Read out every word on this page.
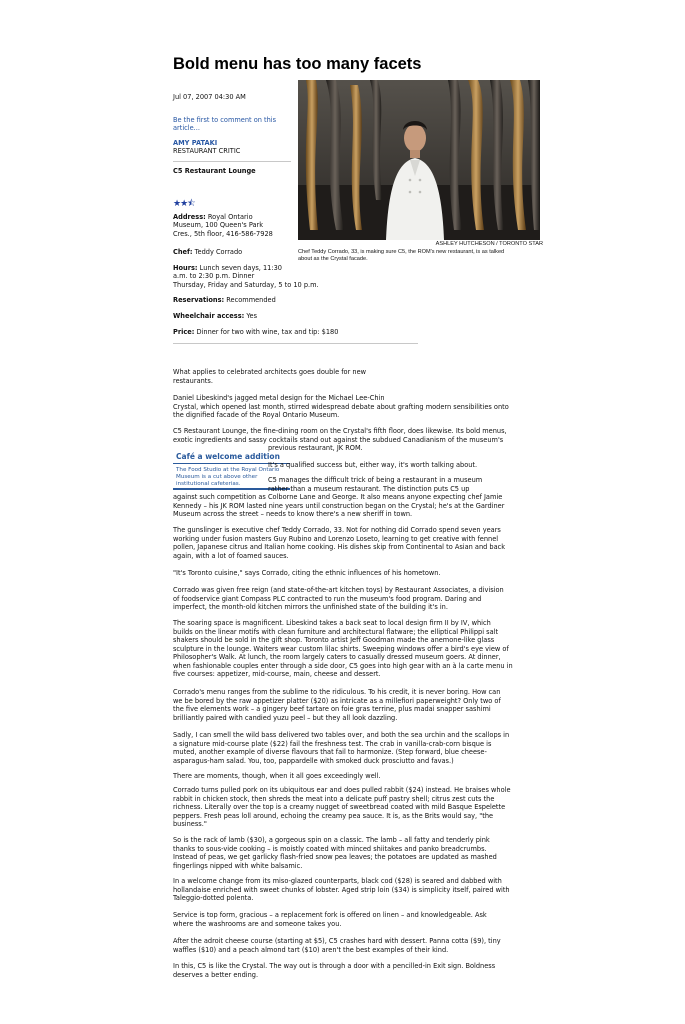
Bold menu has too many facets
Jul 07, 2007 04:30 AM
Be the first to comment on this article...
AMY PATAKI
RESTAURANT CRITIC
C5 Restaurant Lounge
★★⯪
Address: Royal Ontario
Museum, 100 Queen's Park
Cres., 5th floor, 416-586-7928
Chef: Teddy Corrado
Hours: Lunch seven days, 11:30
a.m. to 2:30 p.m. Dinner
Thursday, Friday and Saturday, 5 to 10 p.m.
Reservations: Recommended
Wheelchair access: Yes
Price: Dinner for two with wine, tax and tip: $180
ASHLEY HUTCHESON / TORONTO STAR
Chef Teddy Corrado, 33, is making sure C5, the ROM's new restaurant, is as talked
about as the Crystal facade.
Café a welcome addition
The Food Studio at the Royal Ontario
Museum is a cut above other
institutional cafeterias.
What applies to celebrated architects goes double for new
restaurants.
Daniel Libeskind's jagged metal design for the Michael Lee-Chin
Crystal, which opened last month, stirred widespread debate about grafting modern sensibilities onto
the dignified facade of the Royal Ontario Museum.
C5 Restaurant Lounge, the fine-dining room on the Crystal's fifth floor, does likewise. Its bold menus,
exotic ingredients and sassy cocktails stand out against the subdued Canadianism of the museum's
previous restaurant, JK ROM.
It's a qualified success but, either way, it's worth talking about.
C5 manages the difficult trick of being a restaurant in a museum
rather than a museum restaurant. The distinction puts C5 up
against such competition as Colborne Lane and George. It also means anyone expecting chef Jamie
Kennedy – his JK ROM lasted nine years until construction began on the Crystal; he's at the Gardiner
Museum across the street – needs to know there's a new sheriff in town.
The gunslinger is executive chef Teddy Corrado, 33. Not for nothing did Corrado spend seven years
working under fusion masters Guy Rubino and Lorenzo Loseto, learning to get creative with fennel
pollen, Japanese citrus and Italian home cooking. His dishes skip from Continental to Asian and back
again, with a lot of foamed sauces.
"It's Toronto cuisine," says Corrado, citing the ethnic influences of his hometown.
Corrado was given free reign (and state-of-the-art kitchen toys) by Restaurant Associates, a division
of foodservice giant Compass PLC contracted to run the museum's food program. Daring and
imperfect, the month-old kitchen mirrors the unfinished state of the building it's in.
The soaring space is magnificent. Libeskind takes a back seat to local design firm II by IV, which
builds on the linear motifs with clean furniture and architectural flatware; the elliptical Philippi salt
shakers should be sold in the gift shop. Toronto artist Jeff Goodman made the anemone-like glass
sculpture in the lounge. Waiters wear custom lilac shirts. Sweeping windows offer a bird's eye view of
Philosopher's Walk. At lunch, the room largely caters to casually dressed museum goers. At dinner,
when fashionable couples enter through a side door, C5 goes into high gear with an à la carte menu in
five courses: appetizer, mid-course, main, cheese and dessert.
Corrado's menu ranges from the sublime to the ridiculous. To his credit, it is never boring. How can
we be bored by the raw appetizer platter ($20) as intricate as a millefiori paperweight? Only two of
the five elements work – a gingery beef tartare on foie gras terrine, plus madai snapper sashimi
brilliantly paired with candied yuzu peel – but they all look dazzling.
Sadly, I can smell the wild bass delivered two tables over, and both the sea urchin and the scallops in
a signature mid-course plate ($22) fail the freshness test. The crab in vanilla-crab-corn bisque is
muted, another example of diverse flavours that fail to harmonize. (Step forward, blue cheese-
asparagus-ham salad. You, too, pappardelle with smoked duck prosciutto and favas.)
There are moments, though, when it all goes exceedingly well.
Corrado turns pulled pork on its ubiquitous ear and does pulled rabbit ($24) instead. He braises whole
rabbit in chicken stock, then shreds the meat into a delicate puff pastry shell; citrus zest cuts the
richness. Literally over the top is a creamy nugget of sweetbread coated with mild Basque Espelette
peppers. Fresh peas loll around, echoing the creamy pea sauce. It is, as the Brits would say, "the
business."
So is the rack of lamb ($30), a gorgeous spin on a classic. The lamb – all fatty and tenderly pink
thanks to sous-vide cooking – is moistly coated with minced shiitakes and panko breadcrumbs.
Instead of peas, we get garlicky flash-fried snow pea leaves; the potatoes are updated as mashed
fingerlings nipped with white balsamic.
In a welcome change from its miso-glazed counterparts, black cod ($28) is seared and dabbed with
hollandaise enriched with sweet chunks of lobster. Aged strip loin ($34) is simplicity itself, paired with
Taleggio-dotted polenta.
Service is top form, gracious – a replacement fork is offered on linen – and knowledgeable. Ask
where the washrooms are and someone takes you.
After the adroit cheese course (starting at $5), C5 crashes hard with dessert. Panna cotta ($9), tiny
waffles ($10) and a peach almond tart ($10) aren't the best examples of their kind.
In this, C5 is like the Crystal. The way out is through a door with a pencilled-in Exit sign. Boldness
deserves a better ending.
